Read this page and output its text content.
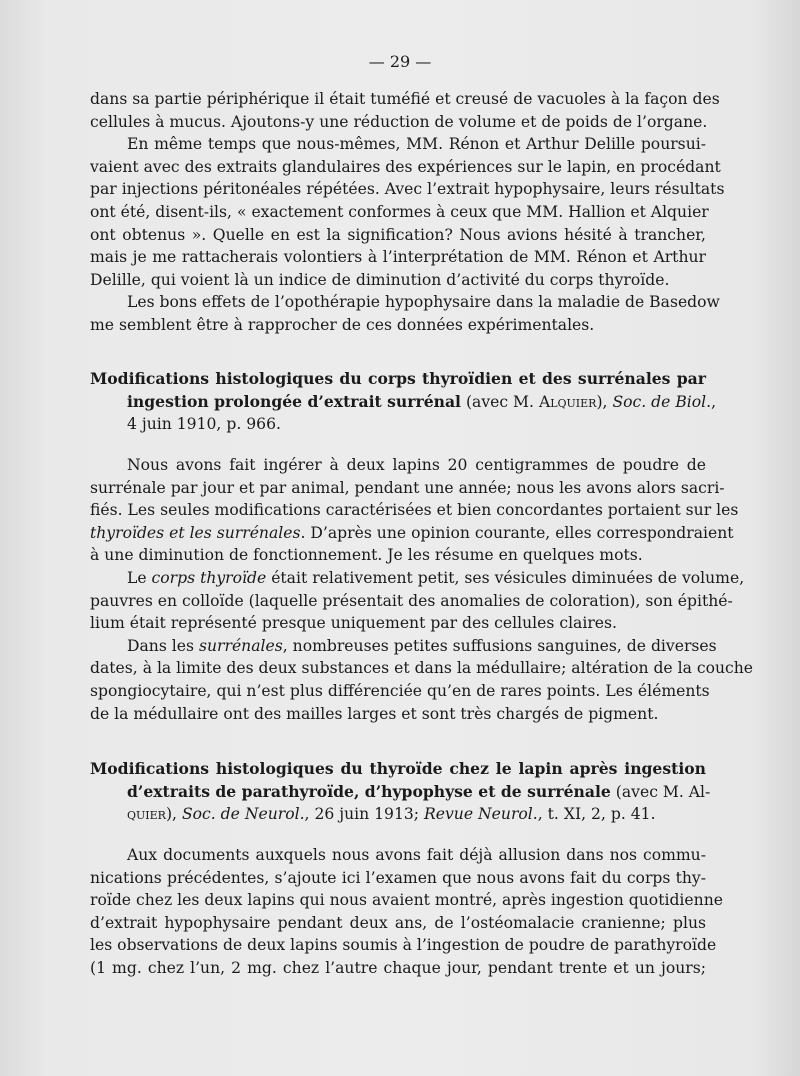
— 29 —
dans sa partie périphérique il était tuméfié et creusé de vacuoles à la façon des
cellules à mucus. Ajoutons-y une réduction de volume et de poids de l’organe.
En même temps que nous-mêmes, MM. Rénon et Arthur Delille poursui-
vaient avec des extraits glandulaires des expériences sur le lapin, en procédant
par injections péritonéales répétées. Avec l’extrait hypophysaire, leurs résultats
ont été, disent-ils, « exactement conformes à ceux que MM. Hallion et Alquier
ont obtenus ». Quelle en est la signification? Nous avions hésité à trancher,
mais je me rattacherais volontiers à l’interprétation de MM. Rénon et Arthur
Delille, qui voient là un indice de diminution d’activité du corps thyroïde.
Les bons effets de l’opothérapie hypophysaire dans la maladie de Basedow
me semblent être à rapprocher de ces données expérimentales.
Modifications histologiques du corps thyroïdien et des surrénales par
ingestion prolongée d’extrait surrénal (avec M. Alquier), Soc. de Biol.,
4 juin 1910, p. 966.
Nous avons fait ingérer à deux lapins 20 centigrammes de poudre de
surrénale par jour et par animal, pendant une année; nous les avons alors sacri-
fiés. Les seules modifications caractérisées et bien concordantes portaient sur les
thyroïdes et les surrénales. D’après une opinion courante, elles correspondraient
à une diminution de fonctionnement. Je les résume en quelques mots.
Le corps thyroïde était relativement petit, ses vésicules diminuées de volume,
pauvres en colloïde (laquelle présentait des anomalies de coloration), son épithé-
lium était représenté presque uniquement par des cellules claires.
Dans les surrénales, nombreuses petites suffusions sanguines, de diverses
dates, à la limite des deux substances et dans la médullaire; altération de la couche
spongiocytaire, qui n’est plus différenciée qu’en de rares points. Les éléments
de la médullaire ont des mailles larges et sont très chargés de pigment.
Modifications histologiques du thyroïde chez le lapin après ingestion
d’extraits de parathyroïde, d’hypophyse et de surrénale (avec M. Al-
quier), Soc. de Neurol., 26 juin 1913; Revue Neurol., t. XI, 2, p. 41.
Aux documents auxquels nous avons fait déjà allusion dans nos commu-
nications précédentes, s’ajoute ici l’examen que nous avons fait du corps thy-
roïde chez les deux lapins qui nous avaient montré, après ingestion quotidienne
d’extrait hypophysaire pendant deux ans, de l’ostéomalacie cranienne; plus
les observations de deux lapins soumis à l’ingestion de poudre de parathyroïde
(1 mg. chez l’un, 2 mg. chez l’autre chaque jour, pendant trente et un jours;
